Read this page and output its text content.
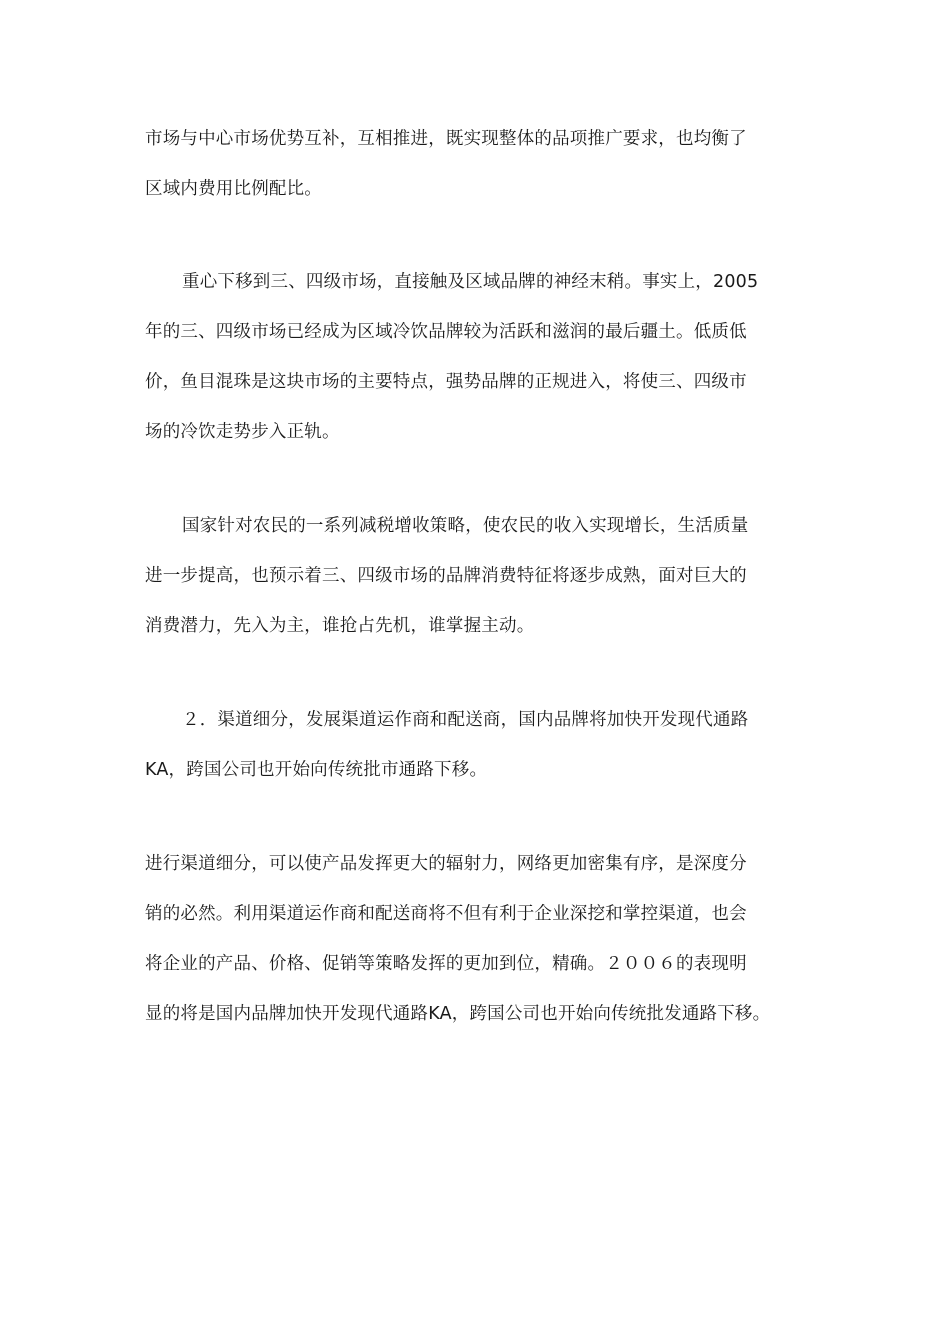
市场与中心市场优势互补，互相推进，既实现整体的品项推广要求，也均衡了
区域内费用比例配比。
重心下移到三、四级市场，直接触及区域品牌的神经末稍。事实上，2005
年的三、四级市场已经成为区域冷饮品牌较为活跃和滋润的最后疆土。低质低
价，鱼目混珠是这块市场的主要特点，强势品牌的正规进入，将使三、四级市
场的冷饮走势步入正轨。
国家针对农民的一系列减税增收策略，使农民的收入实现增长，生活质量
进一步提高，也预示着三、四级市场的品牌消费特征将逐步成熟，面对巨大的
消费潜力，先入为主，谁抢占先机，谁掌握主动。
２．渠道细分，发展渠道运作商和配送商，国内品牌将加快开发现代通路
KA，跨国公司也开始向传统批市通路下移。
进行渠道细分，可以使产品发挥更大的辐射力，网络更加密集有序，是深度分
销的必然。利用渠道运作商和配送商将不但有利于企业深挖和掌控渠道，也会
将企业的产品、价格、促销等策略发挥的更加到位，精确。２００６的表现明
显的将是国内品牌加快开发现代通路KA，跨国公司也开始向传统批发通路下移。
